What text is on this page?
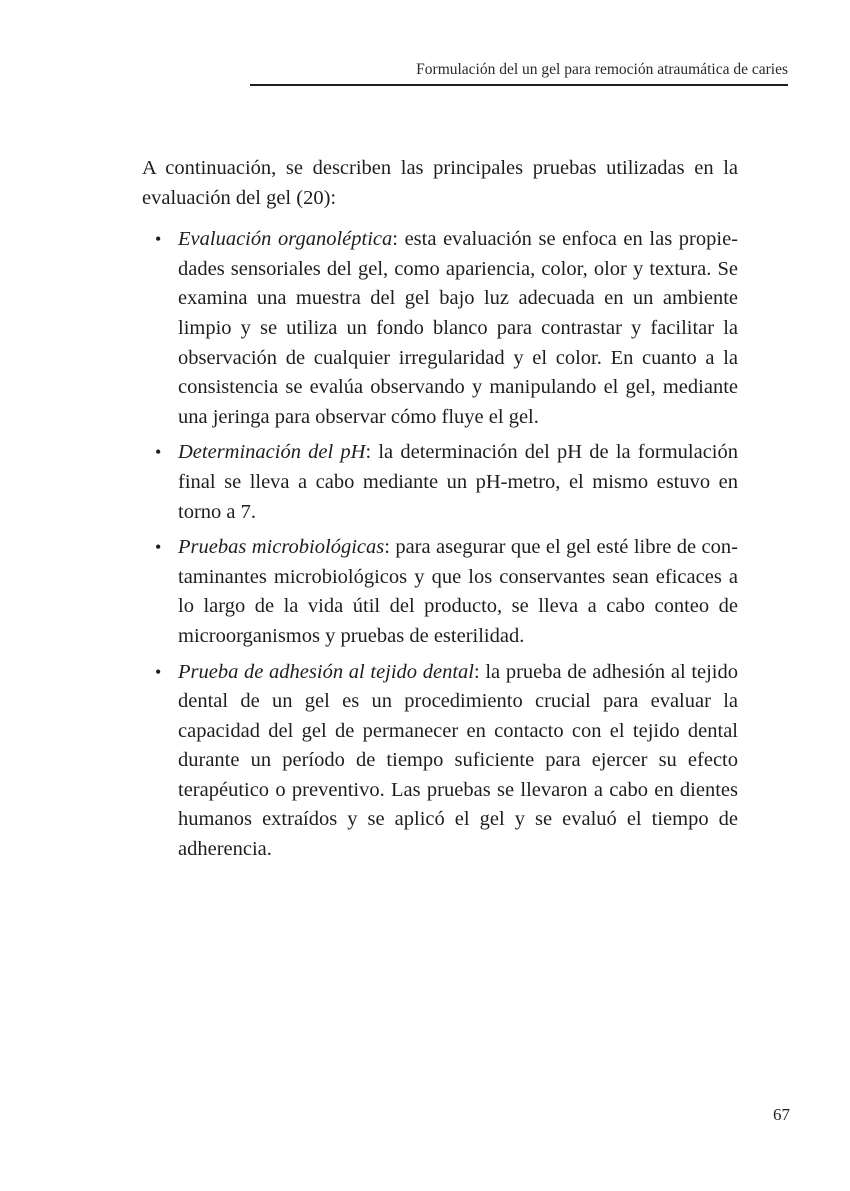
Formulación del un gel para remoción atraumática de caries

A continuación, se describen las principales pruebas utilizadas en la evaluación del gel (20):

• Evaluación organoléptica: esta evaluación se enfoca en las propiedades sensoriales del gel, como apariencia, color, olor y textura. Se examina una muestra del gel bajo luz adecuada en un ambiente limpio y se utiliza un fondo blanco para contrastar y facilitar la observación de cualquier irregularidad y el color. En cuanto a la consistencia se evalúa observando y manipulando el gel, mediante una jeringa para observar cómo fluye el gel.
• Determinación del pH: la determinación del pH de la formulación final se lleva a cabo mediante un pH-metro, el mismo estuvo en torno a 7.
• Pruebas microbiológicas: para asegurar que el gel esté libre de contaminantes microbiológicos y que los conservantes sean eficaces a lo largo de la vida útil del producto, se lleva a cabo conteo de microorganismos y pruebas de esterilidad.
• Prueba de adhesión al tejido dental: la prueba de adhesión al tejido dental de un gel es un procedimiento crucial para evaluar la capacidad del gel de permanecer en contacto con el tejido dental durante un período de tiempo suficiente para ejercer su efecto terapéutico o preventivo. Las pruebas se llevaron a cabo en dientes humanos extraídos y se aplicó el gel y se evaluó el tiempo de adherencia.
67
